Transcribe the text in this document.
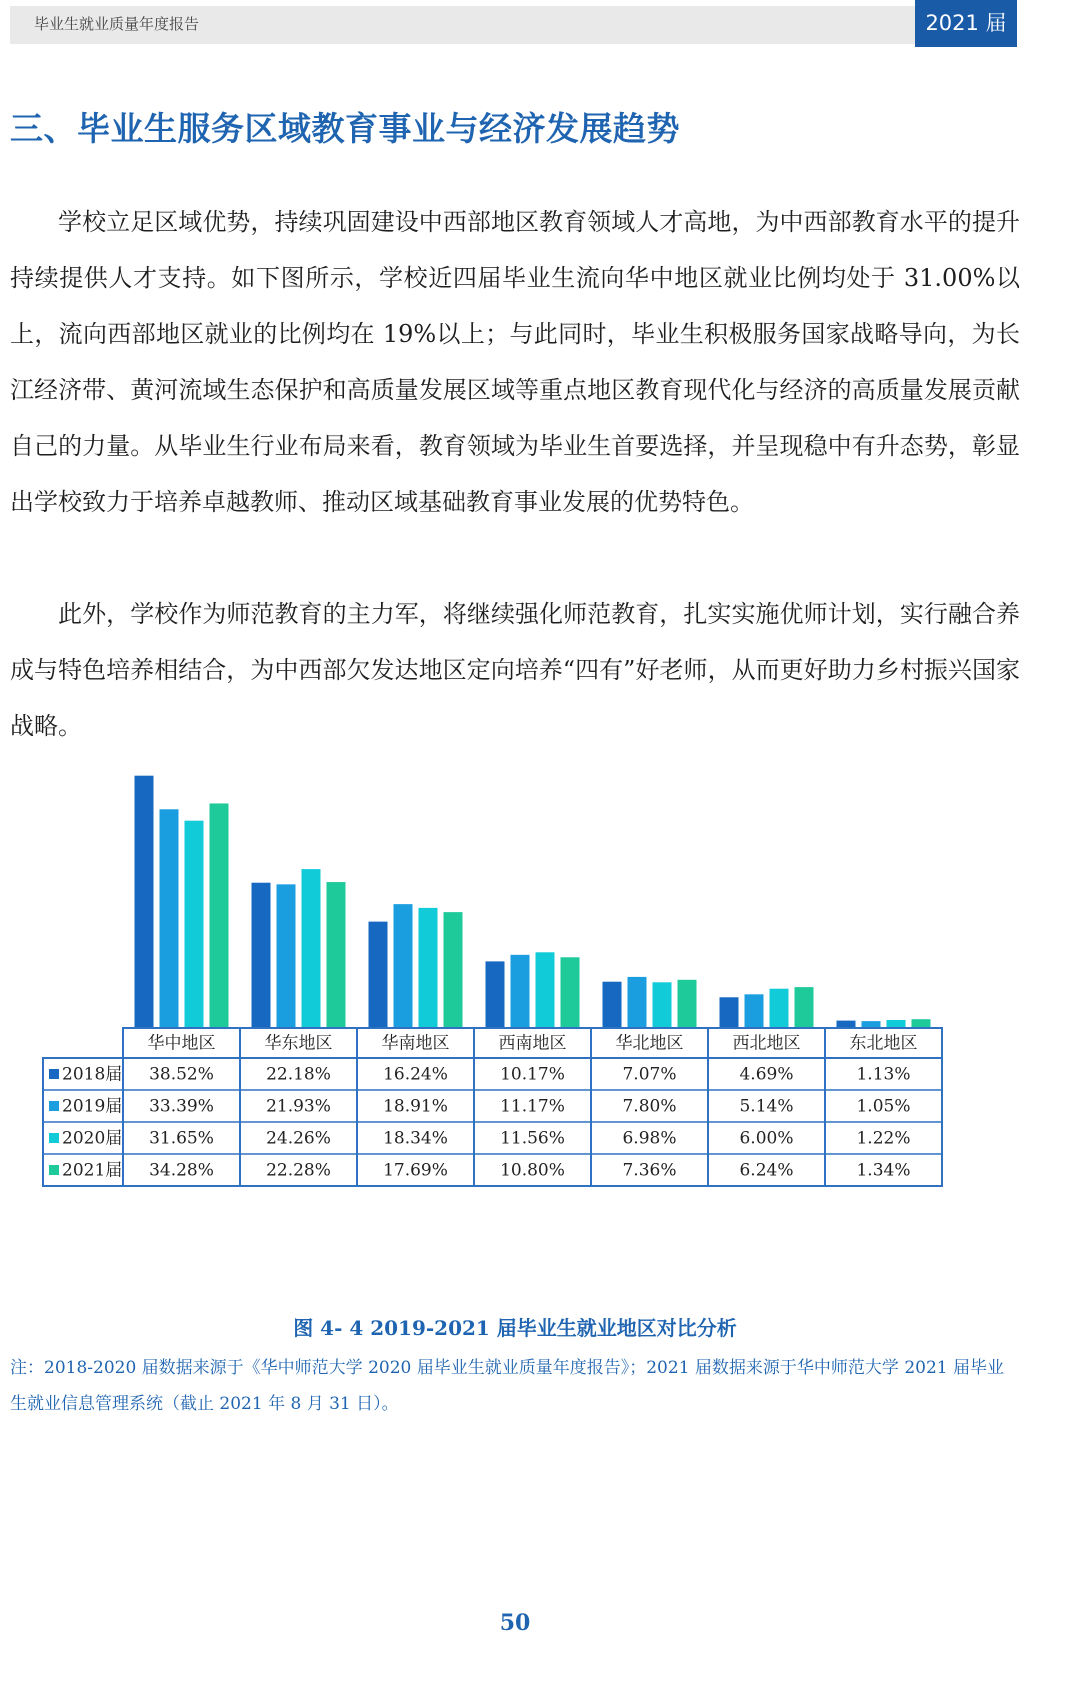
毕业生就业质量年度报告	2021 届
三、毕业生服务区域教育事业与经济发展趋势

学校立足区域优势，持续巩固建设中西部地区教育领域人才高地，为中西部教育水平的提升持续提供人才支持。如下图所示，学校近四届毕业生流向华中地区就业比例均处于 31.00%以上，流向西部地区就业的比例均在 19%以上；与此同时，毕业生积极服务国家战略导向，为长江经济带、黄河流域生态保护和高质量发展区域等重点地区教育现代化与经济的高质量发展贡献自己的力量。从毕业生行业布局来看，教育领域为毕业生首要选择，并呈现稳中有升态势，彰显出学校致力于培养卓越教师、推动区域基础教育事业发展的优势特色。

此外，学校作为师范教育的主力军，将继续强化师范教育，扎实实施优师计划，实行融合养成与特色培养相结合，为中西部欠发达地区定向培养“四有”好老师，从而更好助力乡村振兴国家战略。

华中地区	华东地区	华南地区	西南地区	华北地区	西北地区	东北地区
2018届 38.52%	22.18%	16.24%	10.17%	7.07%	4.69%	1.13%
2019届 33.39%	21.93%	18.91%	11.17%	7.80%	5.14%	1.05%
2020届 31.65%	24.26%	18.34%	11.56%	6.98%	6.00%	1.22%
2021届 34.28%	22.28%	17.69%	10.80%	7.36%	6.24%	1.34%
图 4- 4 2019-2021 届毕业生就业地区对比分析
注：2018-2020 届数据来源于《华中师范大学 2020 届毕业生就业质量年度报告》；2021 届数据来源于华中师范大学 2021 届毕业生就业信息管理系统（截止 2021 年 8 月 31 日）。
50
